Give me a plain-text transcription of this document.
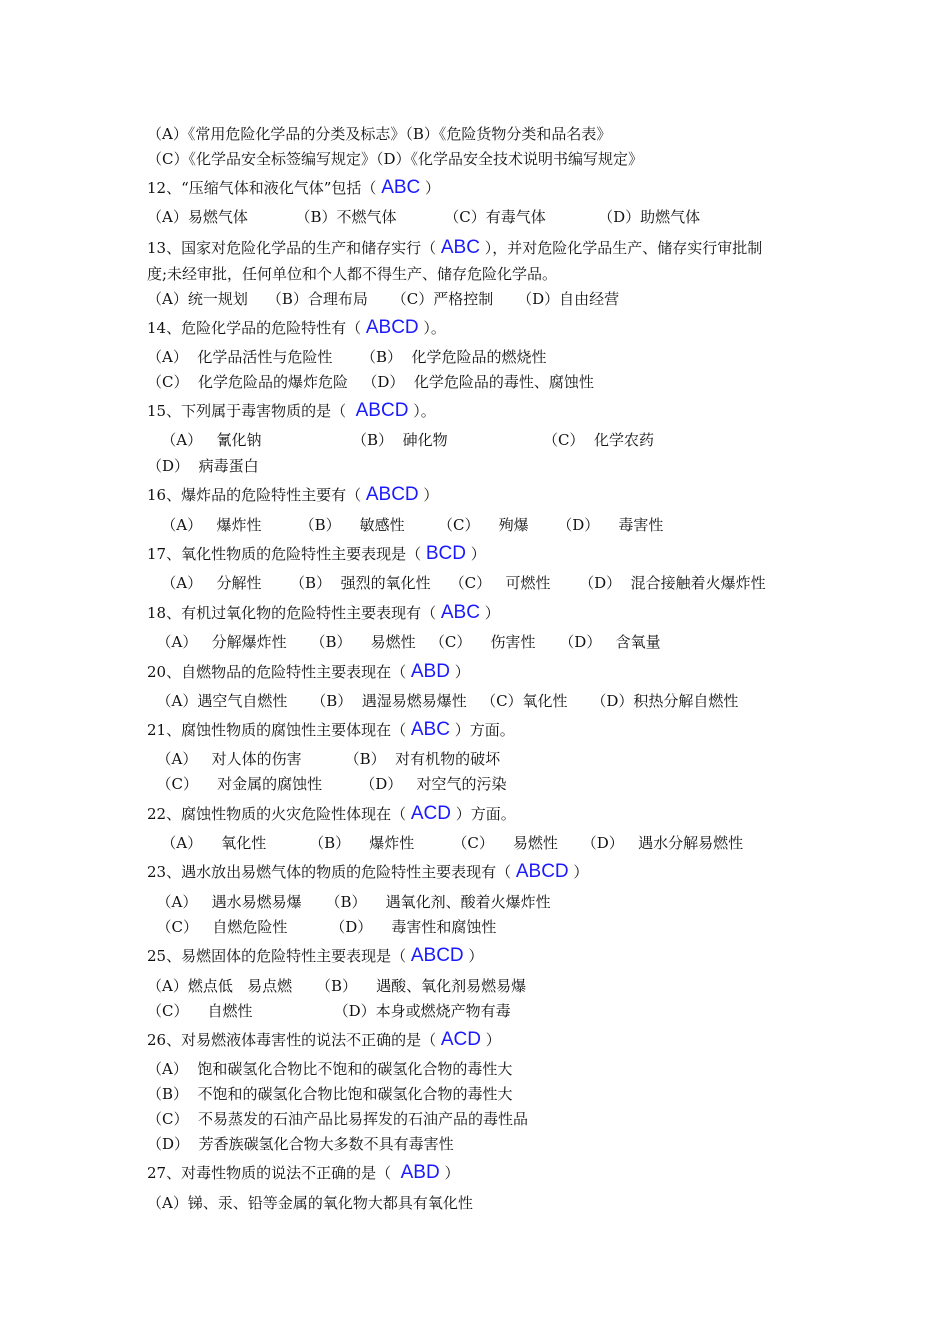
（A）《常用危险化学品的分类及标志》（B）《危险货物分类和品名表》
（C）《化学品安全标签编写规定》（D）《化学品安全技术说明书编写规定》
12、“压缩气体和液化气体”包括（ ABC ）
（A）易燃气体          （B）不燃气体          （C）有毒气体           （D）助燃气体
13、国家对危险化学品的生产和储存实行（ ABC ），并对危险化学品生产、储存实行审批制
度;未经审批，任何单位和个人都不得生产、储存危险化学品。
（A）统一规划    （B）合理布局     （C）严格控制     （D）自由经营
14、危险化学品的危险特性有（ ABCD ）。
（A）  化学品活性与危险性      （B）  化学危险品的燃烧性
（C）  化学危险品的爆炸危险   （D）  化学危险品的毒性、腐蚀性
15、下列属于毒害物质的是（  ABCD ）。
（A）   氰化钠                   （B）  砷化物                    （C）  化学农药
（D）  病毒蛋白
16、爆炸品的危险特性主要有（ ABCD ）
（A）   爆炸性        （B）    敏感性       （C）    殉爆      （D）    毒害性
17、氧化性物质的危险特性主要表现是（ BCD ）
（A）   分解性      （B）  强烈的氧化性    （C）   可燃性      （D）  混合接触着火爆炸性
18、有机过氧化物的危险特性主要表现有（ ABC ）
（A）   分解爆炸性     （B）    易燃性   （C）    伤害性     （D）   含氧量
20、自燃物品的危险特性主要表现在（ ABD ）
（A）遇空气自燃性     （B）  遇湿易燃易爆性   （C）氧化性     （D）积热分解自燃性
21、腐蚀性物质的腐蚀性主要体现在（ ABC ）方面。
（A）   对人体的伤害         （B）  对有机物的破坏
（C）    对金属的腐蚀性        （D）   对空气的污染
22、腐蚀性物质的火灾危险性体现在（ ACD ）方面。
（A）    氧化性         （B）    爆炸性        （C）    易燃性     （D）   遇水分解易燃性
23、遇水放出易燃气体的物质的危险特性主要表现有（ ABCD ）
（A）   遇水易燃易爆     （B）    遇氧化剂、酸着火爆炸性
（C）   自燃危险性         （D）    毒害性和腐蚀性
25、易燃固体的危险特性主要表现是（ ABCD ）
（A）燃点低   易点燃     （B）    遇酸、氧化剂易燃易爆
（C）    自燃性                 （D）本身或燃烧产物有毒
26、对易燃液体毒害性的说法不正确的是（ ACD ）
（A）  饱和碳氢化合物比不饱和的碳氢化合物的毒性大
（B）  不饱和的碳氢化合物比饱和碳氢化合物的毒性大
（C）  不易蒸发的石油产品比易挥发的石油产品的毒性品
（D）  芳香族碳氢化合物大多数不具有毒害性
27、对毒性物质的说法不正确的是（  ABD ）
（A）锑、汞、铅等金属的氧化物大都具有氧化性
